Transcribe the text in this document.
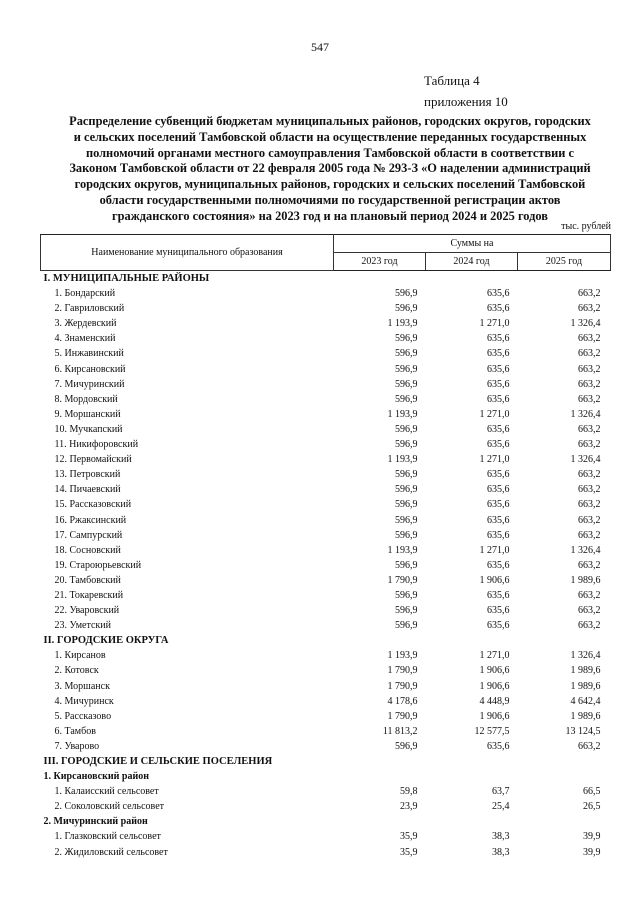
547
Таблица 4
приложения 10
Распределение субвенций бюджетам муниципальных районов, городских округов, городских
и сельских поселений Тамбовской области на осуществление переданных государственных
полномочий органами местного самоуправления Тамбовской области в соответствии с
Законом Тамбовской области от 22 февраля 2005 года № 293-З «О наделении администраций
городских округов, муниципальных районов, городских и сельских поселений Тамбовской
области государственными полномочиями по государственной регистрации актов
гражданского состояния» на 2023 год и на плановый период 2024 и 2025 годов
тыс. рублей
Наименование муниципального образования	Суммы на		
	2023 год	2024 год	2025 год
I. МУНИЦИПАЛЬНЫЕ РАЙОНЫ			
1. Бондарский	596,9	635,6	663,2
2. Гавриловский	596,9	635,6	663,2
3. Жердевский	1 193,9	1 271,0	1 326,4
4. Знаменский	596,9	635,6	663,2
5. Инжавинский	596,9	635,6	663,2
6. Кирсановский	596,9	635,6	663,2
7. Мичуринский	596,9	635,6	663,2
8. Мордовский	596,9	635,6	663,2
9. Моршанский	1 193,9	1 271,0	1 326,4
10. Мучкапский	596,9	635,6	663,2
11. Никифоровский	596,9	635,6	663,2
12. Первомайский	1 193,9	1 271,0	1 326,4
13. Петровский	596,9	635,6	663,2
14. Пичаевский	596,9	635,6	663,2
15. Рассказовский	596,9	635,6	663,2
16. Ржаксинский	596,9	635,6	663,2
17. Сампурский	596,9	635,6	663,2
18. Сосновский	1 193,9	1 271,0	1 326,4
19. Староюрьевский	596,9	635,6	663,2
20. Тамбовский	1 790,9	1 906,6	1 989,6
21. Токаревский	596,9	635,6	663,2
22. Уваровский	596,9	635,6	663,2
23. Уметский	596,9	635,6	663,2
II. ГОРОДСКИЕ ОКРУГА			
1. Кирсанов	1 193,9	1 271,0	1 326,4
2. Котовск	1 790,9	1 906,6	1 989,6
3. Моршанск	1 790,9	1 906,6	1 989,6
4. Мичуринск	4 178,6	4 448,9	4 642,4
5. Рассказово	1 790,9	1 906,6	1 989,6
6. Тамбов	11 813,2	12 577,5	13 124,5
7. Уварово	596,9	635,6	663,2
III. ГОРОДСКИЕ И СЕЛЬСКИЕ ПОСЕЛЕНИЯ			
1. Кирсановский район			
1. Калаисский сельсовет	59,8	63,7	66,5
2. Соколовский сельсовет	23,9	25,4	26,5
2. Мичуринский район			
1. Глазковский сельсовет	35,9	38,3	39,9
2. Жидиловский сельсовет	35,9	38,3	39,9
